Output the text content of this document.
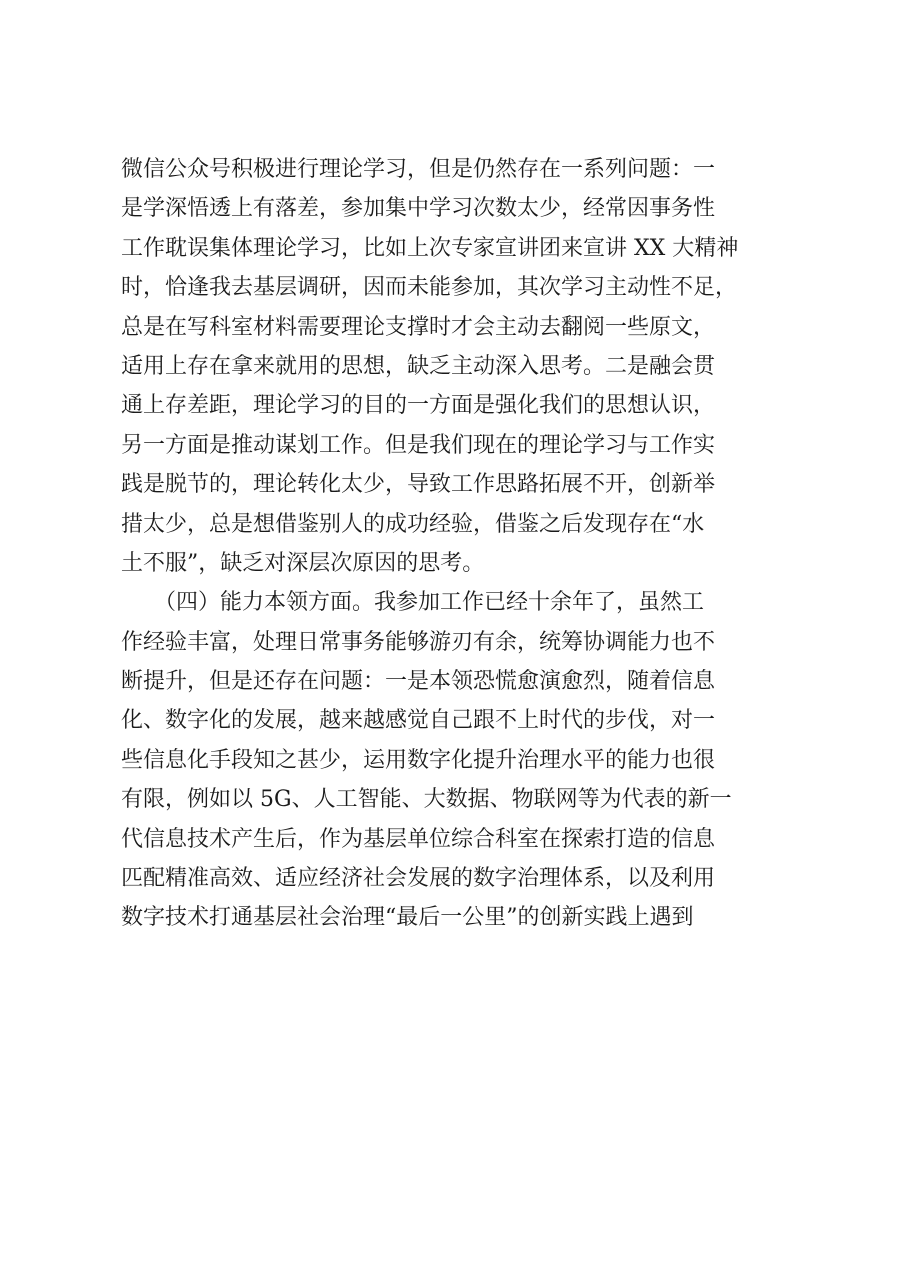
微信公众号积极进行理论学习，但是仍然存在一系列问题：一
是学深悟透上有落差，参加集中学习次数太少，经常因事务性
工作耽误集体理论学习，比如上次专家宣讲团来宣讲 XX 大精神
时，恰逢我去基层调研，因而未能参加，其次学习主动性不足，
总是在写科室材料需要理论支撑时才会主动去翻阅一些原文，
适用上存在拿来就用的思想，缺乏主动深入思考。二是融会贯
通上存差距，理论学习的目的一方面是强化我们的思想认识，
另一方面是推动谋划工作。但是我们现在的理论学习与工作实
践是脱节的，理论转化太少，导致工作思路拓展不开，创新举
措太少，总是想借鉴别人的成功经验，借鉴之后发现存在“水
土不服”，缺乏对深层次原因的思考。
　　（四）能力本领方面。我参加工作已经十余年了，虽然工
作经验丰富，处理日常事务能够游刃有余，统筹协调能力也不
断提升，但是还存在问题：一是本领恐慌愈演愈烈，随着信息
化、数字化的发展，越来越感觉自己跟不上时代的步伐，对一
些信息化手段知之甚少，运用数字化提升治理水平的能力也很
有限，例如以 5G、人工智能、大数据、物联网等为代表的新一
代信息技术产生后，作为基层单位综合科室在探索打造的信息
匹配精准高效、适应经济社会发展的数字治理体系，以及利用
数字技术打通基层社会治理“最后一公里”的创新实践上遇到
